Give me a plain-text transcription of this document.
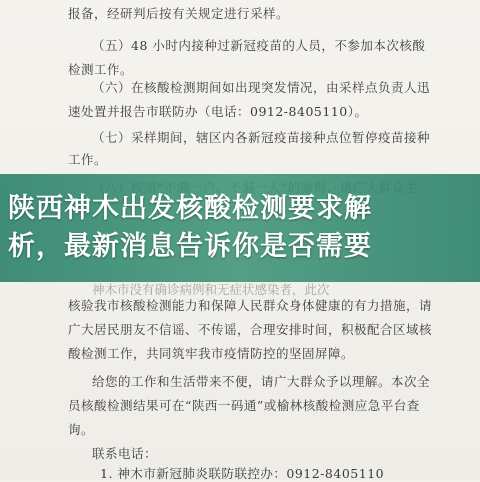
报备，经研判后按有关规定进行采样。
（五）48 小时内接种过新冠疫苗的人员，不参加本次核酸
检测工作。
（六）在核酸检测期间如出现突发情况，由采样点负责人迅
速处置并报告市联防办（电话：0912-8405110）。
（七）采样期间，辖区内各新冠疫苗接种点位暂停疫苗接种
工作。
神木市没有确诊病例和无症状感染者，此次
核验我市核酸检测能力和保障人民群众身体健康的有力措施，请
广大居民朋友不信谣、不传谣，合理安排时间，积极配合区域核
酸检测工作，共同筑牢我市疫情防控的坚固屏障。
给您的工作和生活带来不便，请广大群众予以理解。本次全
员核酸检测结果可在“陕西一码通”或榆林核酸检测应急平台查
询。
联系电话：
1. 神木市新冠肺炎联防联控办：0912-8405110
陕西神木出发核酸检测要求解
析，最新消息告诉你是否需要
